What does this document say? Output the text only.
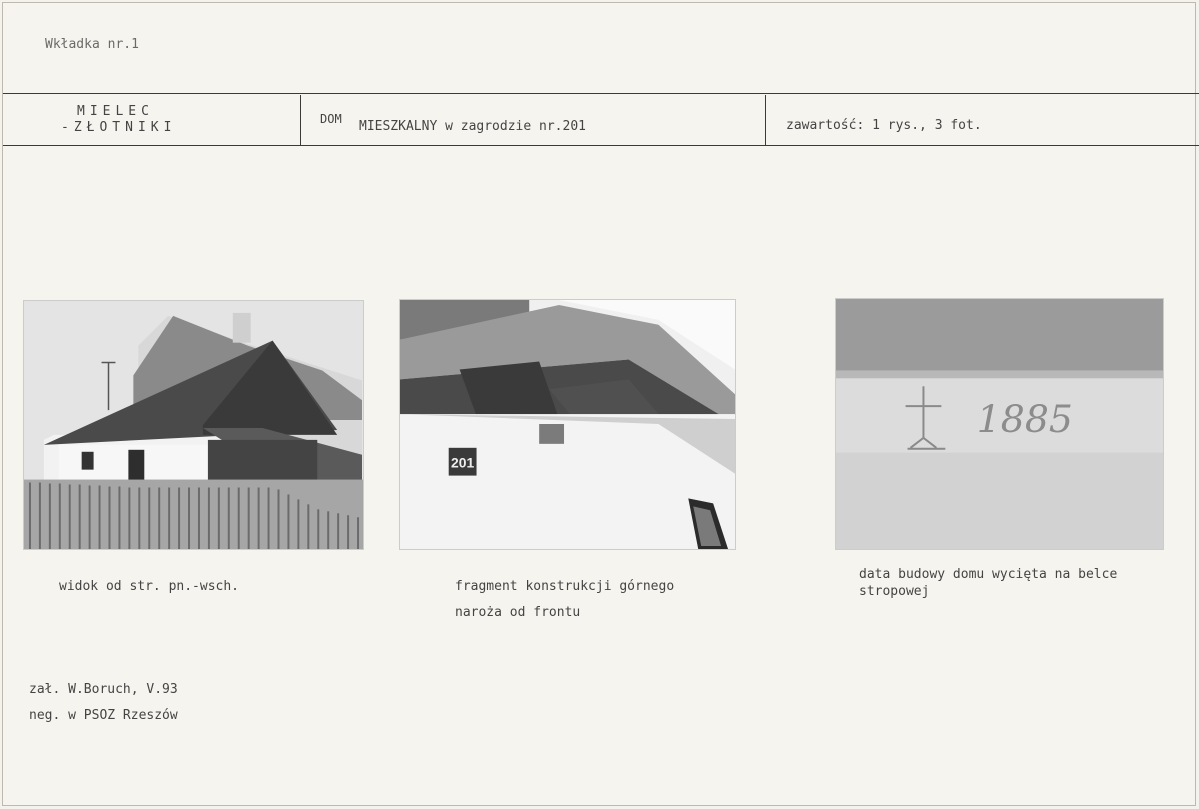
Wkładka nr.1
MIELEC
-ZŁOTNIKI
DOM MIESZKALNY w zagrodzie nr.201	zawartość: 1 rys., 3 fot.
201
1885
widok od str. pn.-wsch.	fragment konstrukcji górnego
naroża od frontu
data budowy domu wycięta na belce
stropowej
zał. W.Boruch, V.93
neg. w PSOZ Rzeszów
